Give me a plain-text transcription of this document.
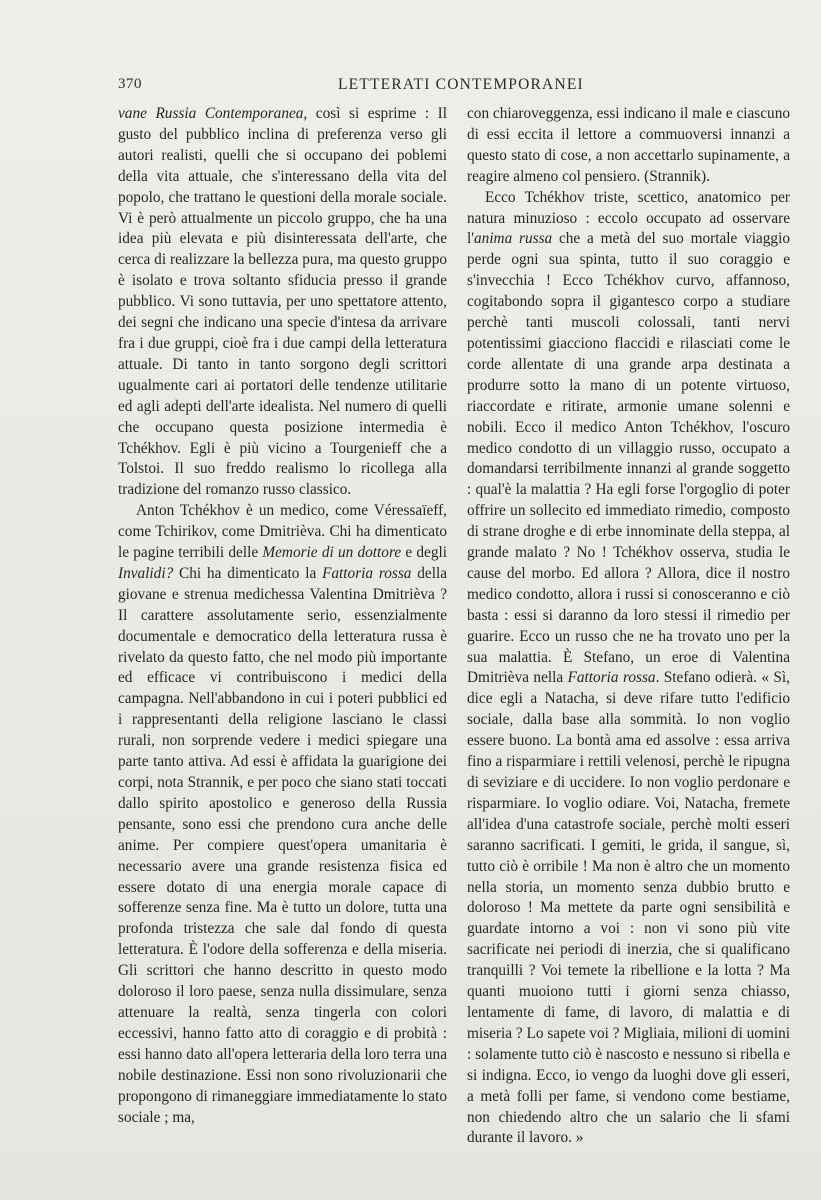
370	LETTERATI CONTEMPORANEI

vane Russia Contemporanea, così si esprime : Il gusto del pubblico inclina di preferenza verso gli autori realisti, quelli che si occupano dei poblemi della vita attuale, che s'interessano della vita del popolo, che trattano le questioni della morale sociale. Vi è però attualmente un piccolo gruppo, che ha una idea più elevata e più disinteressata dell'arte, che cerca di realizzare la bellezza pura, ma questo gruppo è isolato e trova soltanto sfiducia presso il grande pubblico. Vi sono tuttavia, per uno spettatore attento, dei segni che indicano una specie d'intesa da arrivare fra i due gruppi, cioè fra i due campi della letteratura attuale. Di tanto in tanto sorgono degli scrittori ugualmente cari ai portatori delle tendenze utilitarie ed agli adepti dell'arte idealista. Nel numero di quelli che occupano questa posizione intermedia è Tchékhov. Egli è più vicino a Tourgenieff che a Tolstoi. Il suo freddo realismo lo ricollega alla tradizione del romanzo russo classico.

Anton Tchékhov è un medico, come Véressaïeff, come Tchirikov, come Dmitrièva. Chi ha dimenticato le pagine terribili delle Memorie di un dottore e degli Invalidi? Chi ha dimenticato la Fattoria rossa della giovane e strenua medichessa Valentina Dmitrièva ? Il carattere assolutamente serio, essenzialmente documentale e democratico della letteratura russa è rivelato da questo fatto, che nel modo più importante ed efficace vi contribuiscono i medici della campagna. Nell'abbandono in cui i poteri pubblici ed i rappresentanti della religione lasciano le classi rurali, non sorprende vedere i medici spiegare una parte tanto attiva. Ad essi è affidata la guarigione dei corpi, nota Strannik, e per poco che siano stati toccati dallo spirito apostolico e generoso della Russia pensante, sono essi che prendono cura anche delle anime. Per compiere quest'opera umanitaria è necessario avere una grande resistenza fisica ed essere dotato di una energia morale capace di sofferenze senza fine. Ma è tutto un dolore, tutta una profonda tristezza che sale dal fondo di questa letteratura. È l'odore della sofferenza e della miseria. Gli scrittori che hanno descritto in questo modo doloroso il loro paese, senza nulla dissimulare, senza attenuare la realtà, senza tingerla con colori eccessivi, hanno fatto atto di coraggio e di probità : essi hanno dato all'opera letteraria della loro terra una nobile destinazione. Essi non sono rivoluzionarii che propongono di rimaneggiare immediatamente lo stato sociale ; ma,

con chiaroveggenza, essi indicano il male e ciascuno di essi eccita il lettore a commuoversi innanzi a questo stato di cose, a non accettarlo supinamente, a reagire almeno col pensiero. (Strannik).

Ecco Tchékhov triste, scettico, anatomico per natura minuzioso : eccolo occupato ad osservare l'anima russa che a metà del suo mortale viaggio perde ogni sua spinta, tutto il suo coraggio e s'invecchia ! Ecco Tchékhov curvo, affannoso, cogitabondo sopra il gigantesco corpo a studiare perchè tanti muscoli colossali, tanti nervi potentissimi giacciono flaccidi e rilasciati come le corde allentate di una grande arpa destinata a produrre sotto la mano di un potente virtuoso, riaccordate e ritirate, armonie umane solenni e nobili. Ecco il medico Anton Tchékhov, l'oscuro medico condotto di un villaggio russo, occupato a domandarsi terribilmente innanzi al grande soggetto : qual'è la malattia ? Ha egli forse l'orgoglio di poter offrire un sollecito ed immediato rimedio, composto di strane droghe e di erbe innominate della steppa, al grande malato ? No ! Tchékhov osserva, studia le cause del morbo. Ed allora ? Allora, dice il nostro medico condotto, allora i russi si conosceranno e ciò basta : essi si daranno da loro stessi il rimedio per guarire. Ecco un russo che ne ha trovato uno per la sua malattia. È Stefano, un eroe di Valentina Dmitrièva nella Fattoria rossa. Stefano odierà. « Sì, dice egli a Natacha, si deve rifare tutto l'edificio sociale, dalla base alla sommità. Io non voglio essere buono. La bontà ama ed assolve : essa arriva fino a risparmiare i rettili velenosi, perchè le ripugna di seviziare e di uccidere. Io non voglio perdonare e risparmiare. Io voglio odiare. Voi, Natacha, fremete all'idea d'una catastrofe sociale, perchè molti esseri saranno sacrificati. I gemiti, le grida, il sangue, sì, tutto ciò è orribile ! Ma non è altro che un momento nella storia, un momento senza dubbio brutto e doloroso ! Ma mettete da parte ogni sensibilità e guardate intorno a voi : non vi sono più vite sacrificate nei periodi di inerzia, che si qualificano tranquilli ? Voi temete la ribellione e la lotta ? Ma quanti muoiono tutti i giorni senza chiasso, lentamente di fame, di lavoro, di malattia e di miseria ? Lo sapete voi ? Migliaia, milioni di uomini : solamente tutto ciò è nascosto e nessuno si ribella e si indigna. Ecco, io vengo da luoghi dove gli esseri, a metà folli per fame, si vendono come bestiame, non chiedendo altro che un salario che li sfami durante il lavoro. »
